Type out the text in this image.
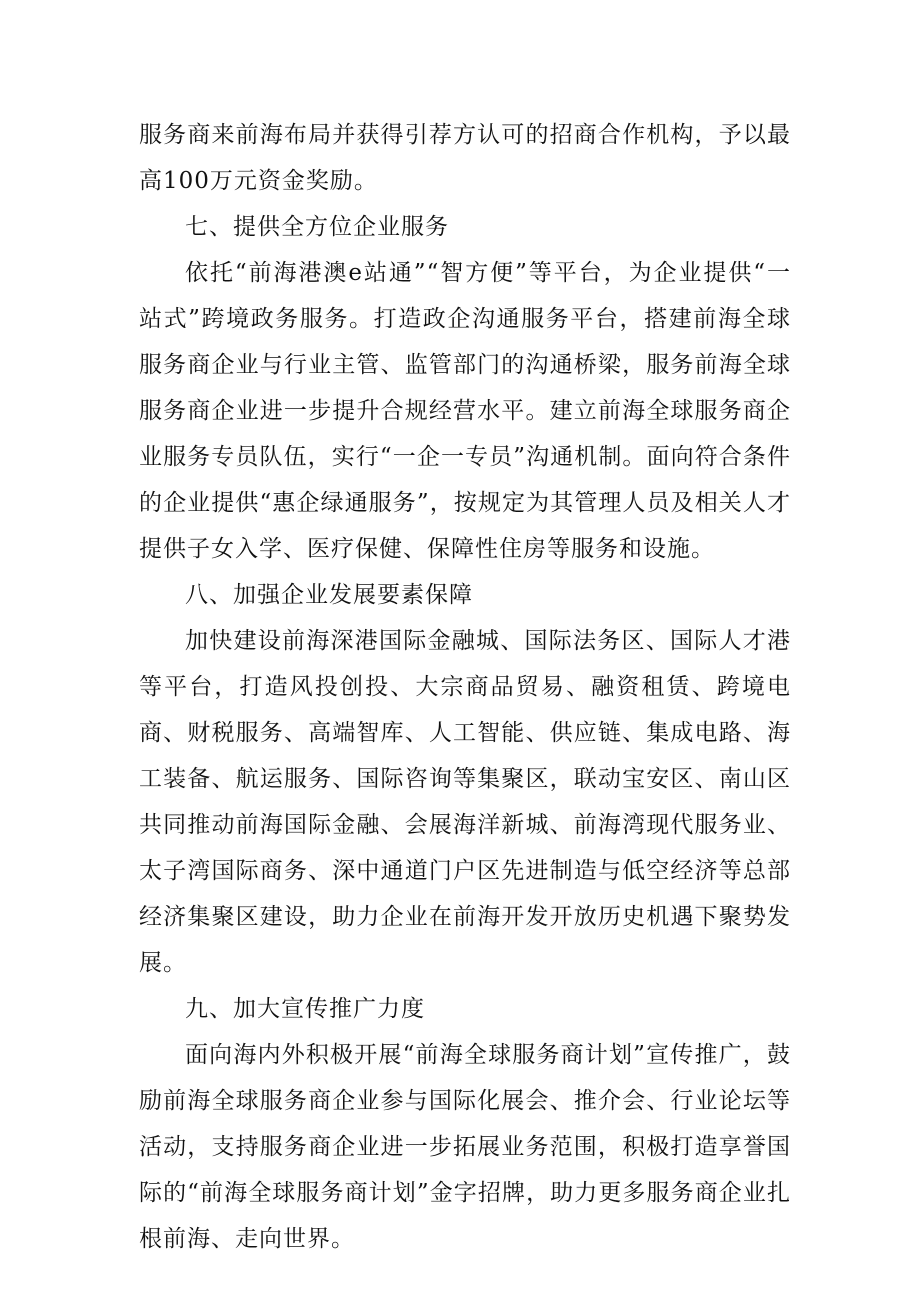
服务商来前海布局并获得引荐方认可的招商合作机构，予以最高100万元资金奖励。

七、提供全方位企业服务

依托“前海港澳e站通”“智方便”等平台，为企业提供“一站式”跨境政务服务。打造政企沟通服务平台，搭建前海全球服务商企业与行业主管、监管部门的沟通桥梁，服务前海全球服务商企业进一步提升合规经营水平。建立前海全球服务商企业服务专员队伍，实行“一企一专员”沟通机制。面向符合条件的企业提供“惠企绿通服务”，按规定为其管理人员及相关人才提供子女入学、医疗保健、保障性住房等服务和设施。

八、加强企业发展要素保障

加快建设前海深港国际金融城、国际法务区、国际人才港等平台，打造风投创投、大宗商品贸易、融资租赁、跨境电商、财税服务、高端智库、人工智能、供应链、集成电路、海工装备、航运服务、国际咨询等集聚区，联动宝安区、南山区共同推动前海国际金融、会展海洋新城、前海湾现代服务业、太子湾国际商务、深中通道门户区先进制造与低空经济等总部经济集聚区建设，助力企业在前海开发开放历史机遇下聚势发展。

九、加大宣传推广力度

面向海内外积极开展“前海全球服务商计划”宣传推广，鼓励前海全球服务商企业参与国际化展会、推介会、行业论坛等活动，支持服务商企业进一步拓展业务范围，积极打造享誉国际的“前海全球服务商计划”金字招牌，助力更多服务商企业扎根前海、走向世界。
